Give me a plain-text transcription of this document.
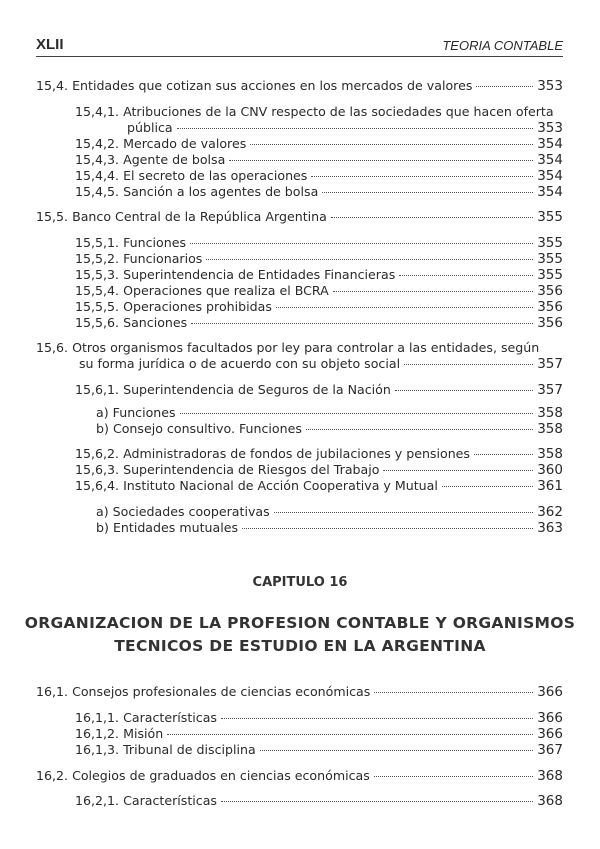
XLII	TEORIA CONTABLE
CAPITULO 16
ORGANIZACION DE LA PROFESION CONTABLE Y ORGANISMOS
TECNICOS DE ESTUDIO EN LA ARGENTINA
15,4. Entidades que cotizan sus acciones en los mercados de valores	353
15,4,1. Atribuciones de la CNV respecto de las sociedades que hacen oferta
pública	353
15,4,2. Mercado de valores	354
15,4,3. Agente de bolsa	354
15,4,4. El secreto de las operaciones	354
15,4,5. Sanción a los agentes de bolsa	354
15,5. Banco Central de la República Argentina	355
15,5,1. Funciones	355
15,5,2. Funcionarios	355
15,5,3. Superintendencia de Entidades Financieras	355
15,5,4. Operaciones que realiza el BCRA	356
15,5,5. Operaciones prohibidas	356
15,5,6. Sanciones	356
15,6. Otros organismos facultados por ley para controlar a las entidades, según
su forma jurídica o de acuerdo con su objeto social	357
15,6,1. Superintendencia de Seguros de la Nación	357
a) Funciones	358
b) Consejo consultivo. Funciones	358
15,6,2. Administradoras de fondos de jubilaciones y pensiones	358
15,6,3. Superintendencia de Riesgos del Trabajo	360
15,6,4. Instituto Nacional de Acción Cooperativa y Mutual	361
a) Sociedades cooperativas	362
b) Entidades mutuales	363
16,1. Consejos profesionales de ciencias económicas	366
16,1,1. Características	366
16,1,2. Misión	366
16,1,3. Tribunal de disciplina	367
16,2. Colegios de graduados en ciencias económicas	368
16,2,1. Características	368
